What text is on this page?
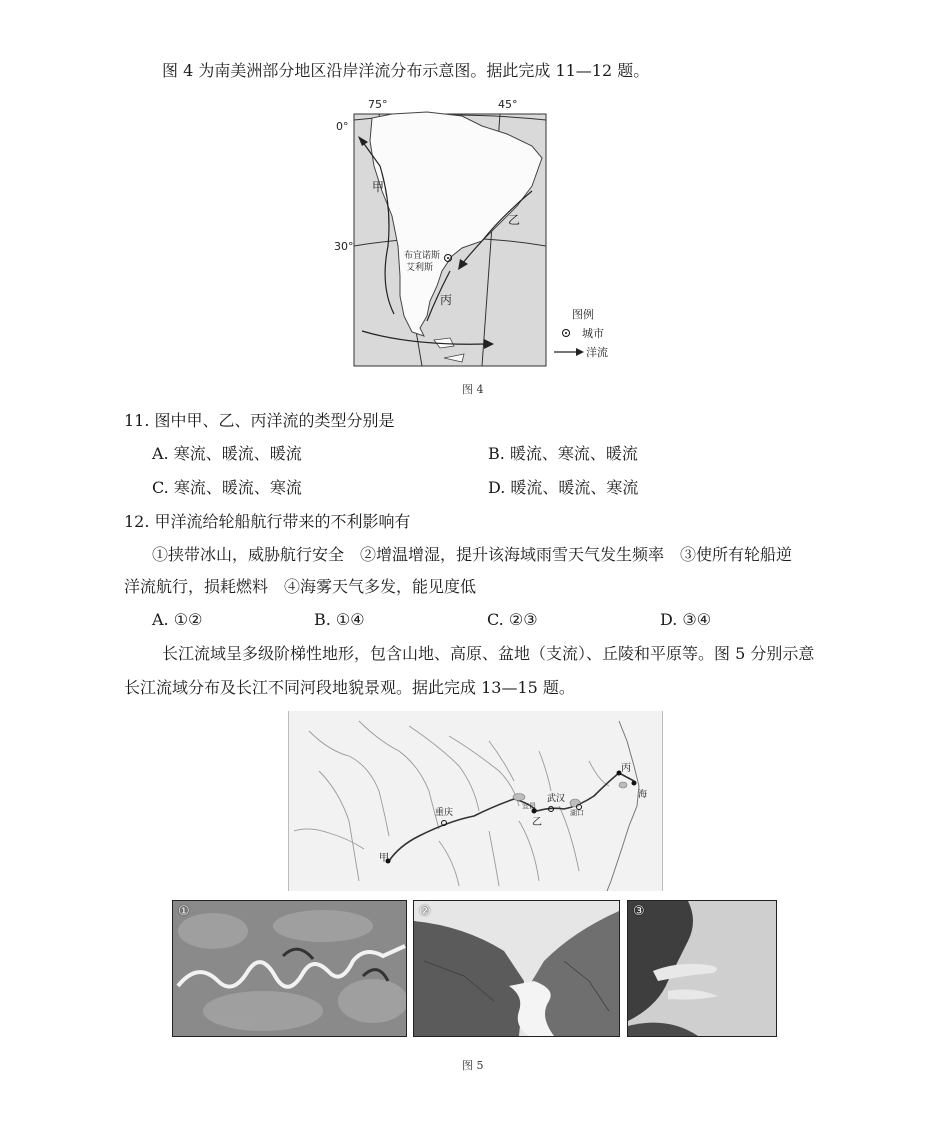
图 4 为南美洲部分地区沿岸洋流分布示意图。据此完成 11—12 题。
75°	45°
0°
30°
甲
乙
丙
布宜诺斯
艾利斯
图例
城市
洋流
图 4
11. 图中甲、乙、丙洋流的类型分别是
A. 寒流、暖流、暖流	B. 暖流、寒流、暖流
C. 寒流、暖流、寒流	D. 暖流、暖流、寒流
12. 甲洋流给轮船航行带来的不利影响有
①挟带冰山，威胁航行安全　②增温增湿，提升该海域雨雪天气发生频率　③使所有轮船逆
洋流航行，损耗燃料　④海雾天气多发，能见度低
A. ①②	B. ①④	C. ②③	D. ③④
长江流域呈多级阶梯性地形，包含山地、高原、盆地（支流）、丘陵和平原等。图 5 分别示意
长江流域分布及长江不同河段地貌景观。据此完成 13—15 题。
甲
重庆
宜昌
乙
武汉
湖口
丙
海
①	②	③
图 5
